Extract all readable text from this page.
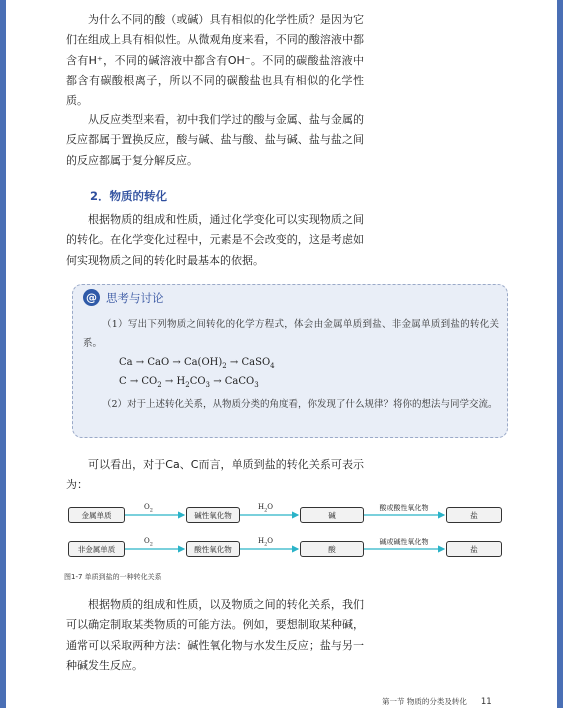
为什么不同的酸（或碱）具有相似的化学性质？是因为它们在组成上具有相似性。从微观角度来看，不同的酸溶液中都含有H⁺，不同的碱溶液中都含有OH⁻。不同的碳酸盐溶液中都含有碳酸根离子，所以不同的碳酸盐也具有相似的化学性质。

从反应类型来看，初中我们学过的酸与金属、盐与金属的反应都属于置换反应，酸与碱、盐与酸、盐与碱、盐与盐之间的反应都属于复分解反应。

2．物质的转化

根据物质的组成和性质，通过化学变化可以实现物质之间的转化。在化学变化过程中，元素是不会改变的，这是考虑如何实现物质之间的转化时最基本的依据。

@ 思考与讨论

（1）写出下列物质之间转化的化学方程式，体会由金属单质到盐、非金属单质到盐的转化关系。

Ca → CaO → $Ca(OH)_2$ → CaSO$_4$
$C \to CO_2 \to H_2CO_3$ → CaCO$_3$

（2）对于上述转化关系，从物质分类的角度看，你发现了什么规律？将你的想法与同学交流。

可以看出，对于Ca、C而言，单质到盐的转化关系可表示为：

金属单质	碱性氧化物	碱	盐
$O_2$	$H_2O$	酸或酸性氧化物
非金属单质	酸性氧化物	酸	盐
$O_2$	$H_2O$	碱或碱性氧化物
图1-7 单质到盐的一种转化关系

根据物质的组成和性质，以及物质之间的转化关系，我们可以确定制取某类物质的可能方法。例如，要想制取某种碱，通常可以采取两种方法：碱性氧化物与水发生反应；盐与另一种碱发生反应。

第一节 物质的分类及转化 11
